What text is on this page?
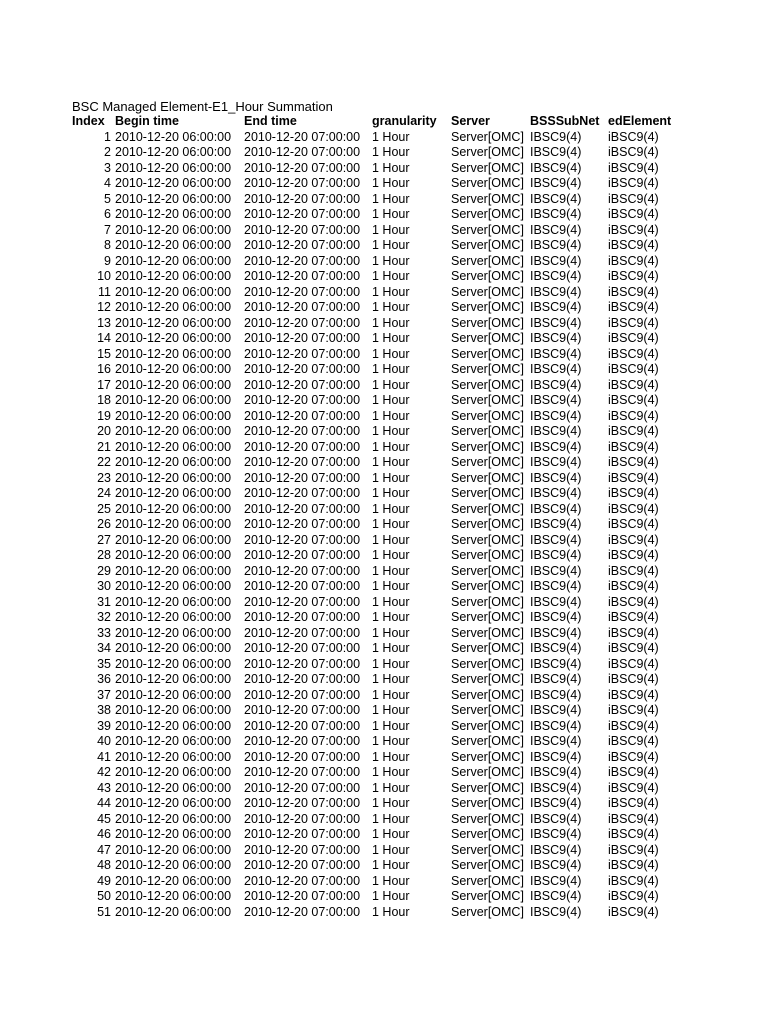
BSC Managed Element-E1_Hour Summation
Index	Begin time	End time	granularity	Server	BSSSubNet	edElement
1	2010-12-20 06:00:00	2010-12-20 07:00:00	1 Hour	Server[OMC]	IBSC9(4)	iBSC9(4)
2	2010-12-20 06:00:00	2010-12-20 07:00:00	1 Hour	Server[OMC]	IBSC9(4)	iBSC9(4)
3	2010-12-20 06:00:00	2010-12-20 07:00:00	1 Hour	Server[OMC]	IBSC9(4)	iBSC9(4)
4	2010-12-20 06:00:00	2010-12-20 07:00:00	1 Hour	Server[OMC]	IBSC9(4)	iBSC9(4)
5	2010-12-20 06:00:00	2010-12-20 07:00:00	1 Hour	Server[OMC]	IBSC9(4)	iBSC9(4)
6	2010-12-20 06:00:00	2010-12-20 07:00:00	1 Hour	Server[OMC]	IBSC9(4)	iBSC9(4)
7	2010-12-20 06:00:00	2010-12-20 07:00:00	1 Hour	Server[OMC]	IBSC9(4)	iBSC9(4)
8	2010-12-20 06:00:00	2010-12-20 07:00:00	1 Hour	Server[OMC]	IBSC9(4)	iBSC9(4)
9	2010-12-20 06:00:00	2010-12-20 07:00:00	1 Hour	Server[OMC]	IBSC9(4)	iBSC9(4)
10	2010-12-20 06:00:00	2010-12-20 07:00:00	1 Hour	Server[OMC]	IBSC9(4)	iBSC9(4)
11	2010-12-20 06:00:00	2010-12-20 07:00:00	1 Hour	Server[OMC]	IBSC9(4)	iBSC9(4)
12	2010-12-20 06:00:00	2010-12-20 07:00:00	1 Hour	Server[OMC]	IBSC9(4)	iBSC9(4)
13	2010-12-20 06:00:00	2010-12-20 07:00:00	1 Hour	Server[OMC]	IBSC9(4)	iBSC9(4)
14	2010-12-20 06:00:00	2010-12-20 07:00:00	1 Hour	Server[OMC]	IBSC9(4)	iBSC9(4)
15	2010-12-20 06:00:00	2010-12-20 07:00:00	1 Hour	Server[OMC]	IBSC9(4)	iBSC9(4)
16	2010-12-20 06:00:00	2010-12-20 07:00:00	1 Hour	Server[OMC]	IBSC9(4)	iBSC9(4)
17	2010-12-20 06:00:00	2010-12-20 07:00:00	1 Hour	Server[OMC]	IBSC9(4)	iBSC9(4)
18	2010-12-20 06:00:00	2010-12-20 07:00:00	1 Hour	Server[OMC]	IBSC9(4)	iBSC9(4)
19	2010-12-20 06:00:00	2010-12-20 07:00:00	1 Hour	Server[OMC]	IBSC9(4)	iBSC9(4)
20	2010-12-20 06:00:00	2010-12-20 07:00:00	1 Hour	Server[OMC]	IBSC9(4)	iBSC9(4)
21	2010-12-20 06:00:00	2010-12-20 07:00:00	1 Hour	Server[OMC]	IBSC9(4)	iBSC9(4)
22	2010-12-20 06:00:00	2010-12-20 07:00:00	1 Hour	Server[OMC]	IBSC9(4)	iBSC9(4)
23	2010-12-20 06:00:00	2010-12-20 07:00:00	1 Hour	Server[OMC]	IBSC9(4)	iBSC9(4)
24	2010-12-20 06:00:00	2010-12-20 07:00:00	1 Hour	Server[OMC]	IBSC9(4)	iBSC9(4)
25	2010-12-20 06:00:00	2010-12-20 07:00:00	1 Hour	Server[OMC]	IBSC9(4)	iBSC9(4)
26	2010-12-20 06:00:00	2010-12-20 07:00:00	1 Hour	Server[OMC]	IBSC9(4)	iBSC9(4)
27	2010-12-20 06:00:00	2010-12-20 07:00:00	1 Hour	Server[OMC]	IBSC9(4)	iBSC9(4)
28	2010-12-20 06:00:00	2010-12-20 07:00:00	1 Hour	Server[OMC]	IBSC9(4)	iBSC9(4)
29	2010-12-20 06:00:00	2010-12-20 07:00:00	1 Hour	Server[OMC]	IBSC9(4)	iBSC9(4)
30	2010-12-20 06:00:00	2010-12-20 07:00:00	1 Hour	Server[OMC]	IBSC9(4)	iBSC9(4)
31	2010-12-20 06:00:00	2010-12-20 07:00:00	1 Hour	Server[OMC]	IBSC9(4)	iBSC9(4)
32	2010-12-20 06:00:00	2010-12-20 07:00:00	1 Hour	Server[OMC]	IBSC9(4)	iBSC9(4)
33	2010-12-20 06:00:00	2010-12-20 07:00:00	1 Hour	Server[OMC]	IBSC9(4)	iBSC9(4)
34	2010-12-20 06:00:00	2010-12-20 07:00:00	1 Hour	Server[OMC]	IBSC9(4)	iBSC9(4)
35	2010-12-20 06:00:00	2010-12-20 07:00:00	1 Hour	Server[OMC]	IBSC9(4)	iBSC9(4)
36	2010-12-20 06:00:00	2010-12-20 07:00:00	1 Hour	Server[OMC]	IBSC9(4)	iBSC9(4)
37	2010-12-20 06:00:00	2010-12-20 07:00:00	1 Hour	Server[OMC]	IBSC9(4)	iBSC9(4)
38	2010-12-20 06:00:00	2010-12-20 07:00:00	1 Hour	Server[OMC]	IBSC9(4)	iBSC9(4)
39	2010-12-20 06:00:00	2010-12-20 07:00:00	1 Hour	Server[OMC]	IBSC9(4)	iBSC9(4)
40	2010-12-20 06:00:00	2010-12-20 07:00:00	1 Hour	Server[OMC]	IBSC9(4)	iBSC9(4)
41	2010-12-20 06:00:00	2010-12-20 07:00:00	1 Hour	Server[OMC]	IBSC9(4)	iBSC9(4)
42	2010-12-20 06:00:00	2010-12-20 07:00:00	1 Hour	Server[OMC]	IBSC9(4)	iBSC9(4)
43	2010-12-20 06:00:00	2010-12-20 07:00:00	1 Hour	Server[OMC]	IBSC9(4)	iBSC9(4)
44	2010-12-20 06:00:00	2010-12-20 07:00:00	1 Hour	Server[OMC]	IBSC9(4)	iBSC9(4)
45	2010-12-20 06:00:00	2010-12-20 07:00:00	1 Hour	Server[OMC]	IBSC9(4)	iBSC9(4)
46	2010-12-20 06:00:00	2010-12-20 07:00:00	1 Hour	Server[OMC]	IBSC9(4)	iBSC9(4)
47	2010-12-20 06:00:00	2010-12-20 07:00:00	1 Hour	Server[OMC]	IBSC9(4)	iBSC9(4)
48	2010-12-20 06:00:00	2010-12-20 07:00:00	1 Hour	Server[OMC]	IBSC9(4)	iBSC9(4)
49	2010-12-20 06:00:00	2010-12-20 07:00:00	1 Hour	Server[OMC]	IBSC9(4)	iBSC9(4)
50	2010-12-20 06:00:00	2010-12-20 07:00:00	1 Hour	Server[OMC]	IBSC9(4)	iBSC9(4)
51	2010-12-20 06:00:00	2010-12-20 07:00:00	1 Hour	Server[OMC]	IBSC9(4)	iBSC9(4)
